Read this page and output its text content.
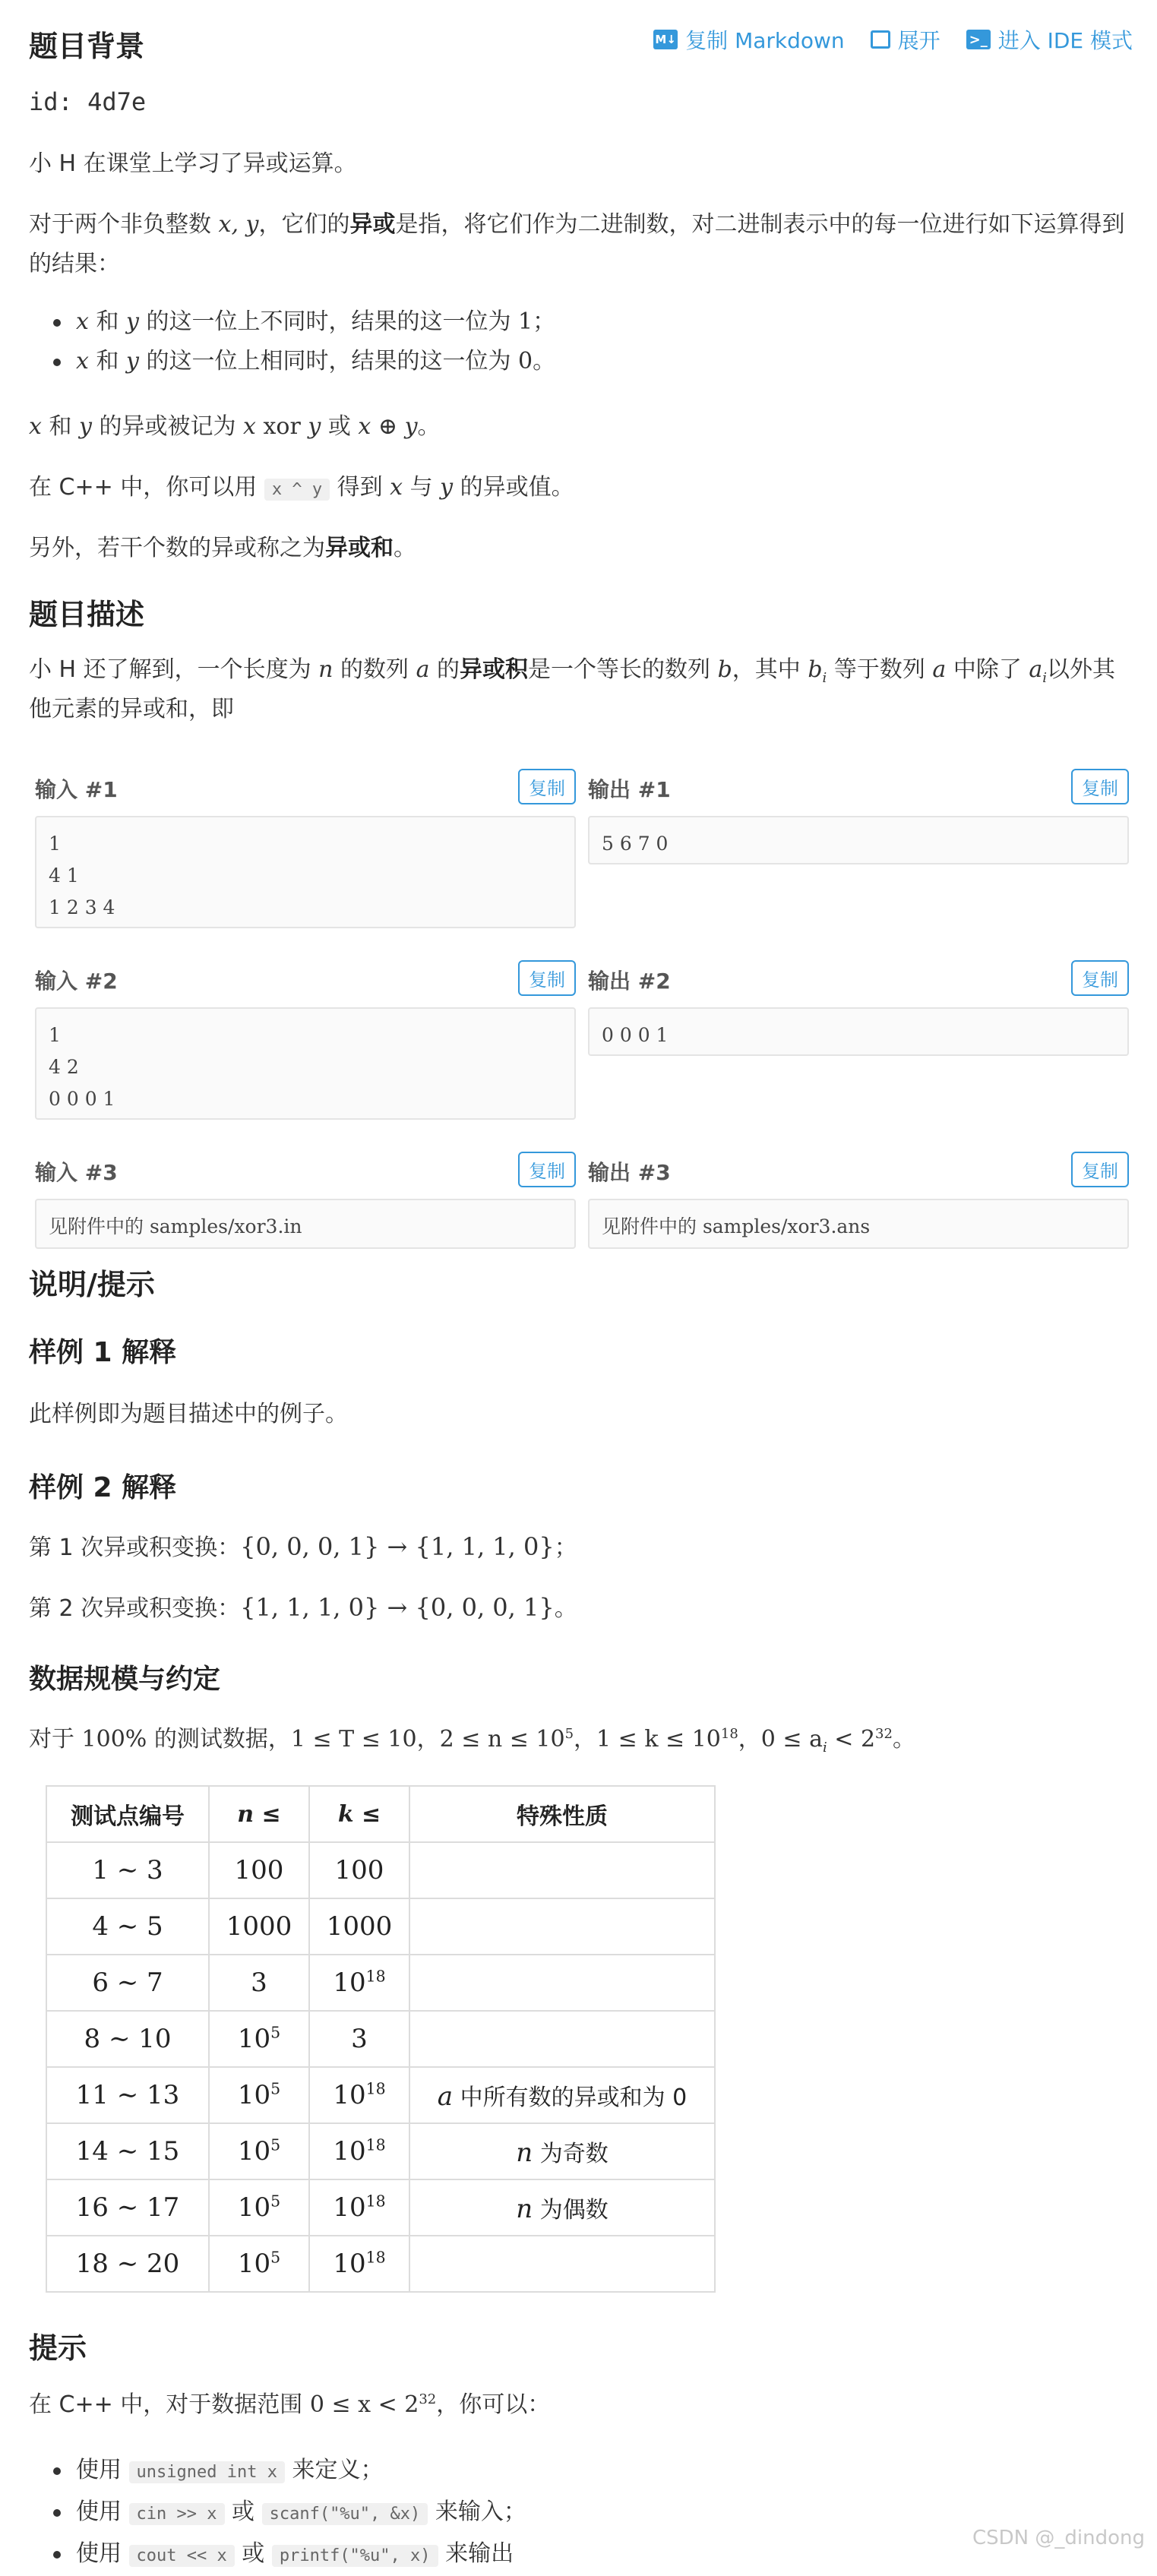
M↓ 复制 Markdown	展开 >_ 进入 IDE 模式
题目背景
id: 4d7e
小 H 在课堂上学习了异或运算。
对于两个非负整数 x, y，它们的异或是指，将它们作为二进制数，对二进制表示中的每一位进行如下运算得到的结果：
x 和 y 的这一位上不同时，结果的这一位为 1；
x 和 y 的这一位上相同时，结果的这一位为 0。
x 和 y 的异或被记为 x xor y 或 x ⊕ y。
在 C++ 中，你可以用 x ^ y 得到 x 与 y 的异或值。
另外，若干个数的异或称之为异或和。
题目描述
小 H 还了解到，一个长度为 n 的数列 a 的异或积是一个等长的数列 b，其中 $b_i$ 等于数列 a 中除了 $a_i$以外其他元素的异或和，即
输入 #1	复制
1
4 1
1 2 3 4
输出 #1	复制
5 6 7 0
输入 #2	复制
1
4 2
0 0 0 1
输出 #2	复制
0 0 0 1
输入 #3	复制
见附件中的 samples/xor3.in
输出 #3	复制
见附件中的 samples/xor3.ans
说明/提示
样例 1 解释
此样例即为题目描述中的例子。
样例 2 解释
第 1 次异或积变换：{0, 0, 0, 1} → {1, 1, 1, 0}；
第 2 次异或积变换：{1, 1, 1, 0} → {0, 0, 0, 1}。
数据规模与约定
对于 100% 的测试数据，1 ≤ T ≤ 10，$2 \le n \le 10^5$，$1 \le k \le 10^{18}$，$0 \le a_i < 2^{32}$。
测试点编号	n ≤	k ≤	特殊性质
1 ∼ 3	100	100	
4 ∼ 5	1000	1000	
6 ∼ 7	3	$10^{18}$	
8 ∼ 10	$10^5$	3	
11 ∼ 13	$10^5$	$10^{18}$	a 中所有数的异或和为 0
14 ∼ 15	$10^5$	$10^{18}$	n 为奇数
16 ∼ 17	$10^5$	$10^{18}$	n 为偶数
18 ∼ 20	$10^5$	$10^{18}$	
提示
在 C++ 中，对于数据范围 $0 \le x < 2^{32}$，你可以：
使用 unsigned int x 来定义；
使用 cin >> x 或 scanf("%u", &x) 来输入；
使用 cout << x 或 printf("%u", x) 来输出
CSDN @_dindong
